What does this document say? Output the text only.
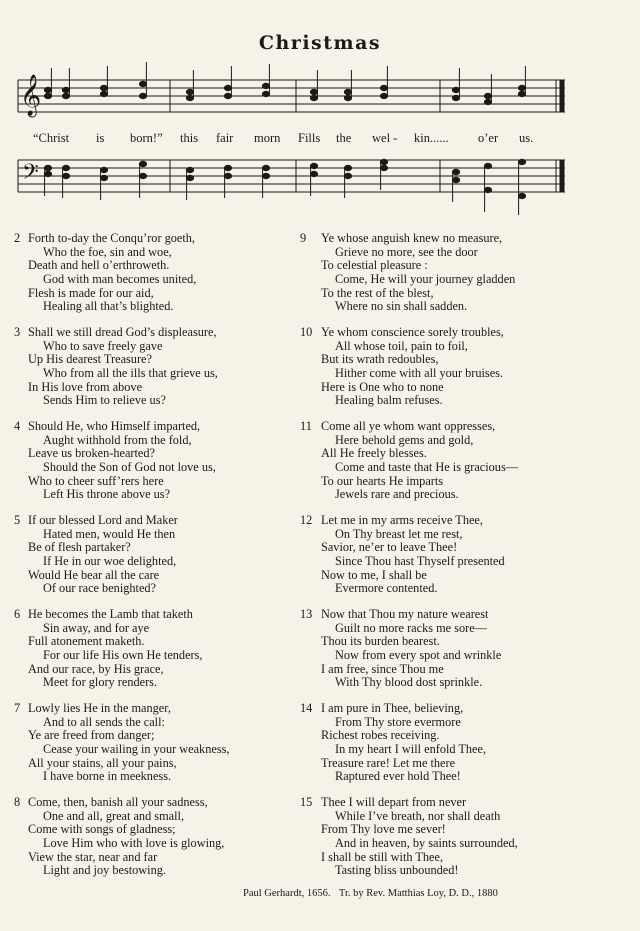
Christmas
𝄞
𝄢
“Christ is born!” this fair morn Fills the wel - kin...... o’er us.
2 Forth to-day the Conqu’ror goeth,
Who the foe, sin and woe,
Death and hell o’erthroweth.
God with man becomes united,
Flesh is made for our aid,
Healing all that’s blighted.
3 Shall we still dread God’s displeasure,
Who to save freely gave
Up His dearest Treasure?
Who from all the ills that grieve us,
In His love from above
Sends Him to relieve us?
4 Should He, who Himself imparted,
Aught withhold from the fold,
Leave us broken-hearted?
Should the Son of God not love us,
Who to cheer suff’rers here
Left His throne above us?
5 If our blessed Lord and Maker
Hated men, would He then
Be of flesh partaker?
If He in our woe delighted,
Would He bear all the care
Of our race benighted?
6 He becomes the Lamb that taketh
Sin away, and for aye
Full atonement maketh.
For our life His own He tenders,
And our race, by His grace,
Meet for glory renders.
7 Lowly lies He in the manger,
And to all sends the call:
Ye are freed from danger;
Cease your wailing in your weakness,
All your stains, all your pains,
I have borne in meekness.
8 Come, then, banish all your sadness,
One and all, great and small,
Come with songs of gladness;
Love Him who with love is glowing,
View the star, near and far
Light and joy bestowing.
9	Ye whose anguish knew no measure,
Grieve no more, see the door
To celestial pleasure :
Come, He will your journey gladden
To the rest of the blest,
Where no sin shall sadden.
10 Ye whom conscience sorely troubles,
All whose toil, pain to foil,
But its wrath redoubles,
Hither come with all your bruises.
Here is One who to none
Healing balm refuses.
11 Come all ye whom want oppresses,
Here behold gems and gold,
All He freely blesses.
Come and taste that He is gracious—
To our hearts He imparts
Jewels rare and precious.
12 Let me in my arms receive Thee,
On Thy breast let me rest,
Savior, ne’er to leave Thee!
Since Thou hast Thyself presented
Now to me, I shall be
Evermore contented.
13 Now that Thou my nature wearest
Guilt no more racks me sore—
Thou its burden bearest.
Now from every spot and wrinkle
I am free, since Thou me
With Thy blood dost sprinkle.
14 I am pure in Thee, believing,
From Thy store evermore
Richest robes receiving.
In my heart I will enfold Thee,
Treasure rare! Let me there
Raptured ever hold Thee!
15 Thee I will depart from never
While I’ve breath, nor shall death
From Thy love me sever!
And in heaven, by saints surrounded,
I shall be still with Thee,
Tasting bliss unbounded!
Paul Gerhardt, 1656. Tr. by Rev. Matthias Loy, D. D., 1880
